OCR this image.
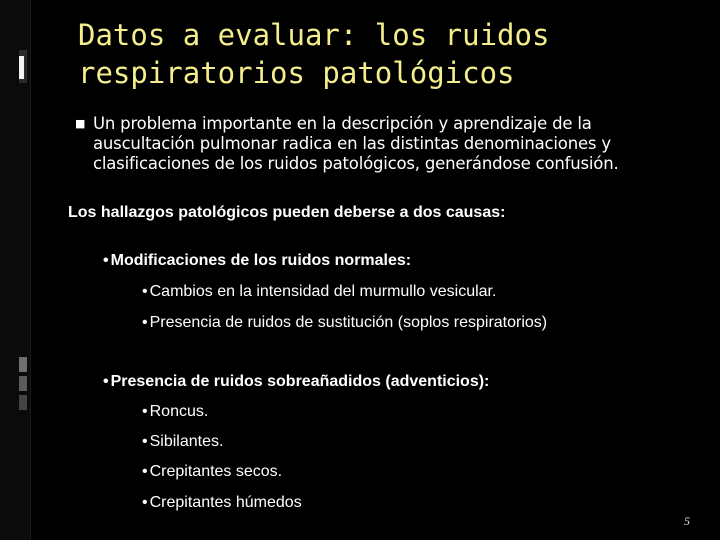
Datos a evaluar: los ruidos
respiratorios patológicos
■ Un problema importante en la descripción y aprendizaje de la auscultación pulmonar radica en las distintas denominaciones y clasificaciones de los ruidos patológicos, generándose confusión.
Los hallazgos patológicos pueden deberse a dos causas:
• Modificaciones de los ruidos normales:
• Cambios en la intensidad del murmullo vesicular.
• Presencia de ruidos de sustitución (soplos respiratorios)
• Presencia de ruidos sobreañadidos (adventicios):
• Roncus.
• Sibilantes.
• Crepitantes secos.
• Crepitantes húmedos
5
